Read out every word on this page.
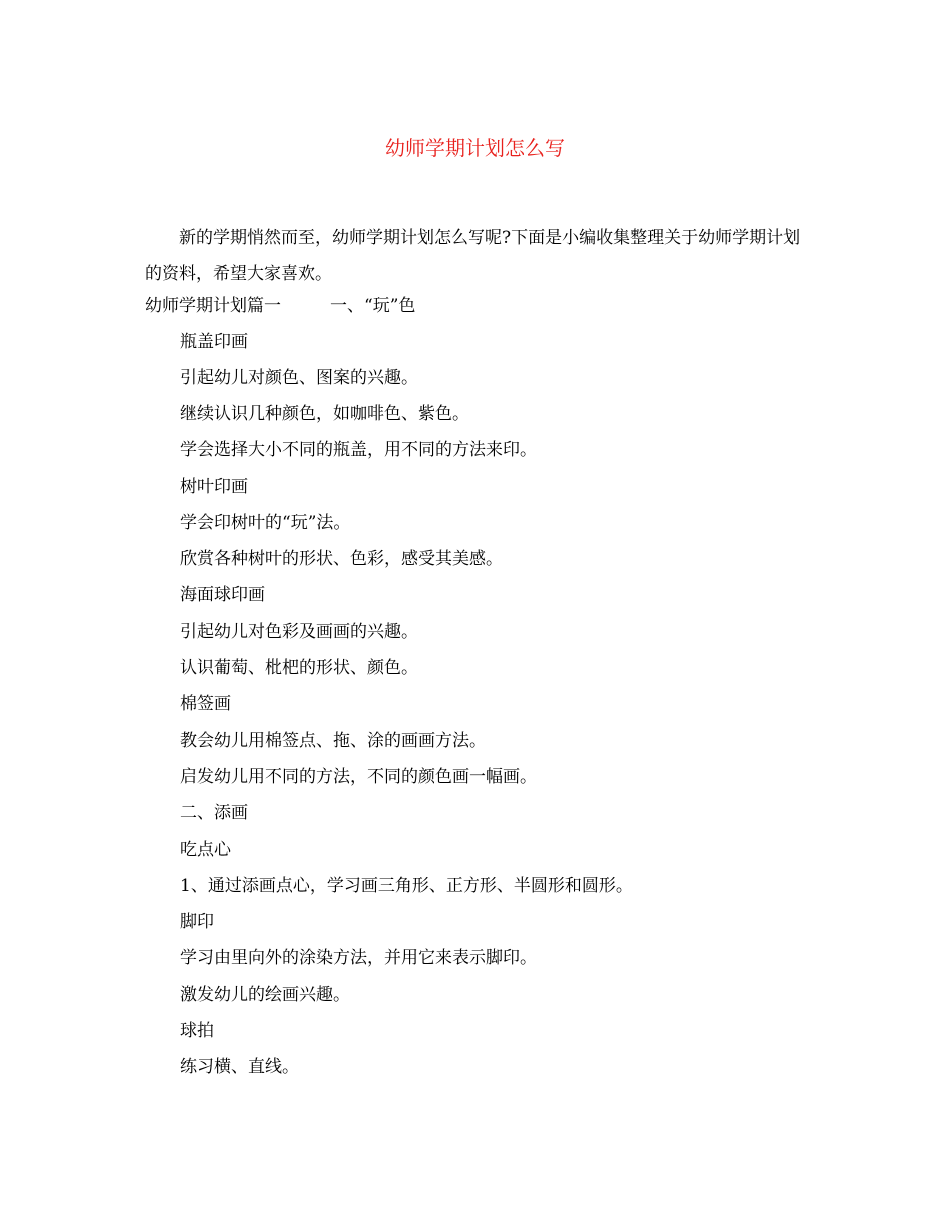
幼师学期计划怎么写
新的学期悄然而至，幼师学期计划怎么写呢?下面是小编收集整理关于幼师学期计划的资料，希望大家喜欢。
幼师学期计划篇一	一、“玩”色
瓶盖印画
引起幼儿对颜色、图案的兴趣。
继续认识几种颜色，如咖啡色、紫色。
学会选择大小不同的瓶盖，用不同的方法来印。
树叶印画
学会印树叶的“玩”法。
欣赏各种树叶的形状、色彩，感受其美感。
海面球印画
引起幼儿对色彩及画画的兴趣。
认识葡萄、枇杷的形状、颜色。
棉签画
教会幼儿用棉签点、拖、涂的画画方法。
启发幼儿用不同的方法，不同的颜色画一幅画。
二、添画
吃点心
1、通过添画点心，学习画三角形、正方形、半圆形和圆形。
脚印
学习由里向外的涂染方法，并用它来表示脚印。
激发幼儿的绘画兴趣。
球拍
练习横、直线。
